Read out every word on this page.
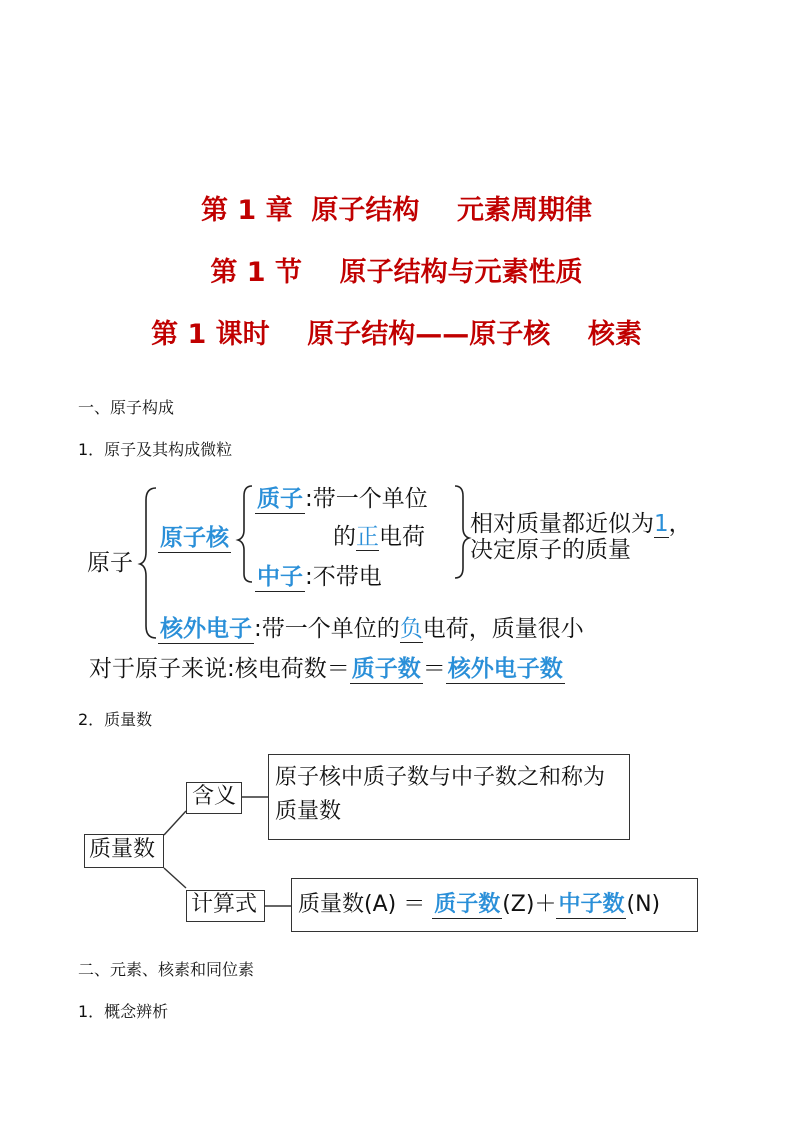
第 1 章  原子结构    元素周期律
第 1 节    原子结构与元素性质
第 1 课时    原子结构——原子核    核素
一、原子构成
1．原子及其构成微粒
原子
原子核
质子:带一个单位
的正电荷
中子:不带电
相对质量都近似为1，
决定原子的质量
核外电子:带一个单位的负电荷，质量很小
对于原子来说:核电荷数＝质子数＝核外电子数
2．质量数
质量数
含义
原子核中质子数与中子数之和称为
质量数
计算式 质量数(A) ＝ 质子数(Z)＋中子数(N)
二、元素、核素和同位素
1．概念辨析
